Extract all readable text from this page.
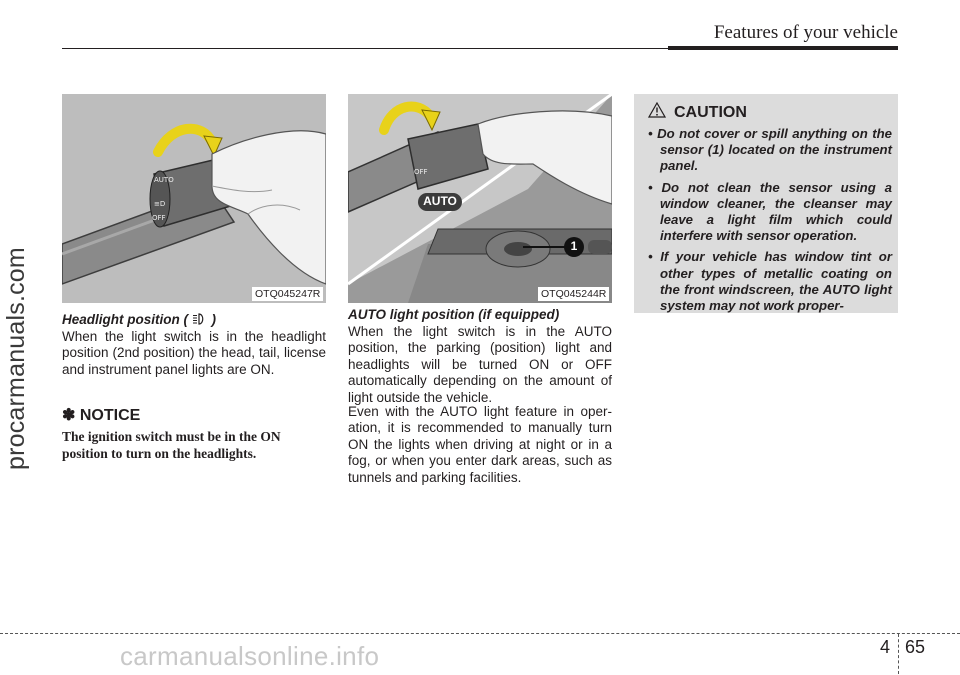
Features of your vehicle
procarmanuals.com
AUTO
≡D
OFF
OTQ045247R
Headlight position ( )
When the light switch is in the headlight position (2nd position) the head, tail, license and instrument panel lights are ON.
✽ NOTICE
The ignition switch must be in the ON position to turn on the headlights.
OFF
AUTO
1
OTQ045244R
AUTO light position (if equipped)
When the light switch is in the AUTO position, the parking (position) light and headlights will be turned ON or OFF automatically depending on the amount of light outside the vehicle.
Even with the AUTO light feature in oper-ation, it is recommended to manually turn ON the lights when driving at night or in a fog, or when you enter dark areas, such as tunnels and parking facilities.
CAUTION
• Do not cover or spill anything on the sensor (1) located on the instrument panel.
• Do not clean the sensor using a window cleaner, the cleanser may leave a light film which could interfere with sensor operation.
• If your vehicle has window tint or other types of metallic coating on the front windscreen, the AUTO light system may not work proper-
4 65
carmanualsonline.info
